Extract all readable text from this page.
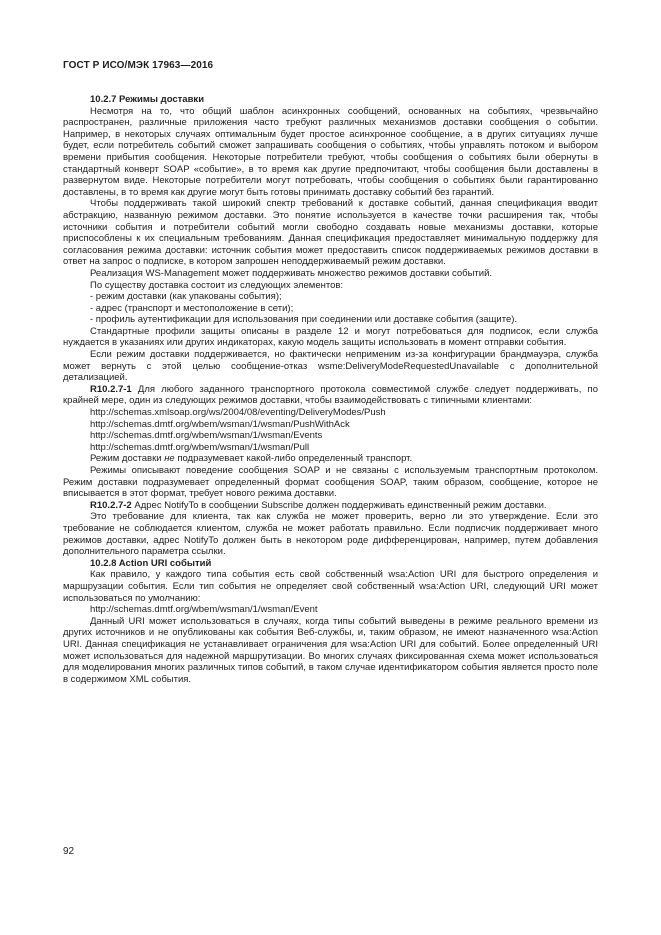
ГОСТ Р ИСО/МЭК 17963—2016
10.2.7 Режимы доставки

Несмотря на то, что общий шаблон асинхронных сообщений, основанных на событиях, чрезвычайно распространен, различные приложения часто требуют различных механизмов доставки сообщения о событии. Например, в некоторых случаях оптимальным будет простое асинхронное сообщение, а в других ситуациях лучше будет, если потребитель событий сможет запрашивать сообщения о событиях, чтобы управлять потоком и выбором времени прибытия сообщения. Некоторые потребители требуют, чтобы сообщения о событиях были обернуты в стандартный конверт SOAP «событие», в то время как другие предпочитают, чтобы сообщения были доставлены в развернутом виде. Некоторые потребители могут потребовать, чтобы сообщения о событиях были гарантированно доставлены, в то время как другие могут быть готовы принимать доставку событий без гарантий.

Чтобы поддерживать такой широкий спектр требований к доставке событий, данная спецификация вводит абстракцию, названную режимом доставки. Это понятие используется в качестве точки расширения так, чтобы источники события и потребители событий могли свободно создавать новые механизмы доставки, которые приспособлены к их специальным требованиям. Данная спецификация предоставляет минимальную поддержку для согласования режима доставки: источник события может предоставить список поддерживаемых режимов доставки в ответ на запрос о подписке, в котором запрошен неподдерживаемый режим доставки.

Реализация WS-Management может поддерживать множество режимов доставки событий.

По существу доставка состоит из следующих элементов:

- режим доставки (как упакованы события);

- адрес (транспорт и местоположение в сети);

- профиль аутентификации для использования при соединении или доставке события (защите).

Стандартные профили защиты описаны в разделе 12 и могут потребоваться для подписок, если служба нуждается в указаниях или других индикаторах, какую модель защиты использовать в момент отправки события.

Если режим доставки поддерживается, но фактически неприменим из-за конфигурации брандмауэра, служба может вернуть с этой целью сообщение-отказ wsme:DeliveryModeRequestedUnavailable с дополнительной детализацией.

R10.2.7-1 Для любого заданного транспортного протокола совместимой службе следует поддерживать, по крайней мере, один из следующих режимов доставки, чтобы взаимодействовать с типичными клиентами:

http://schemas.xmlsoap.org/ws/2004/08/eventing/DeliveryModes/Push

http://schemas.dmtf.org/wbem/wsman/1/wsman/PushWithAck

http://schemas.dmtf.org/wbem/wsman/1/wsman/Events

http://schemas.dmtf.org/wbem/wsman/1/wsman/Pull

Режим доставки не подразумевает какой-либо определенный транспорт.

Режимы описывают поведение сообщения SOAP и не связаны с используемым транспортным протоколом. Режим доставки подразумевает определенный формат сообщения SOAP, таким образом, сообщение, которое не вписывается в этот формат, требует нового режима доставки.

R10.2.7-2 Адрес NotifyTo в сообщении Subscribe должен поддерживать единственный режим доставки.

Это требование для клиента, так как служба не может проверить, верно ли это утверждение. Если это требование не соблюдается клиентом, служба не может работать правильно. Если подписчик поддерживает много режимов доставки, адрес NotifyTo должен быть в некотором роде дифференцирован, например, путем добавления дополнительного параметра ссылки.

10.2.8 Action URI событий

Как правило, у каждого типа события есть свой собственный wsa:Action URI для быстрого определения и маршрузации события. Если тип события не определяет свой собственный wsa:Action URI, следующий URI может использоваться по умолчанию:

http://schemas.dmtf.org/wbem/wsman/1/wsman/Event

Данный URI может использоваться в случаях, когда типы событий выведены в режиме реального времени из других источников и не опубликованы как события Веб-службы, и, таким образом, не имеют назначенного wsa:Action URI. Данная спецификация не устанавливает ограничения для wsa:Action URI для событий. Более определенный URI может использоваться для надежной маршрутизации. Во многих случаях фиксированная схема может использоваться для моделирования многих различных типов событий, в таком случае идентификатором события является просто поле в содержимом XML события.

92
